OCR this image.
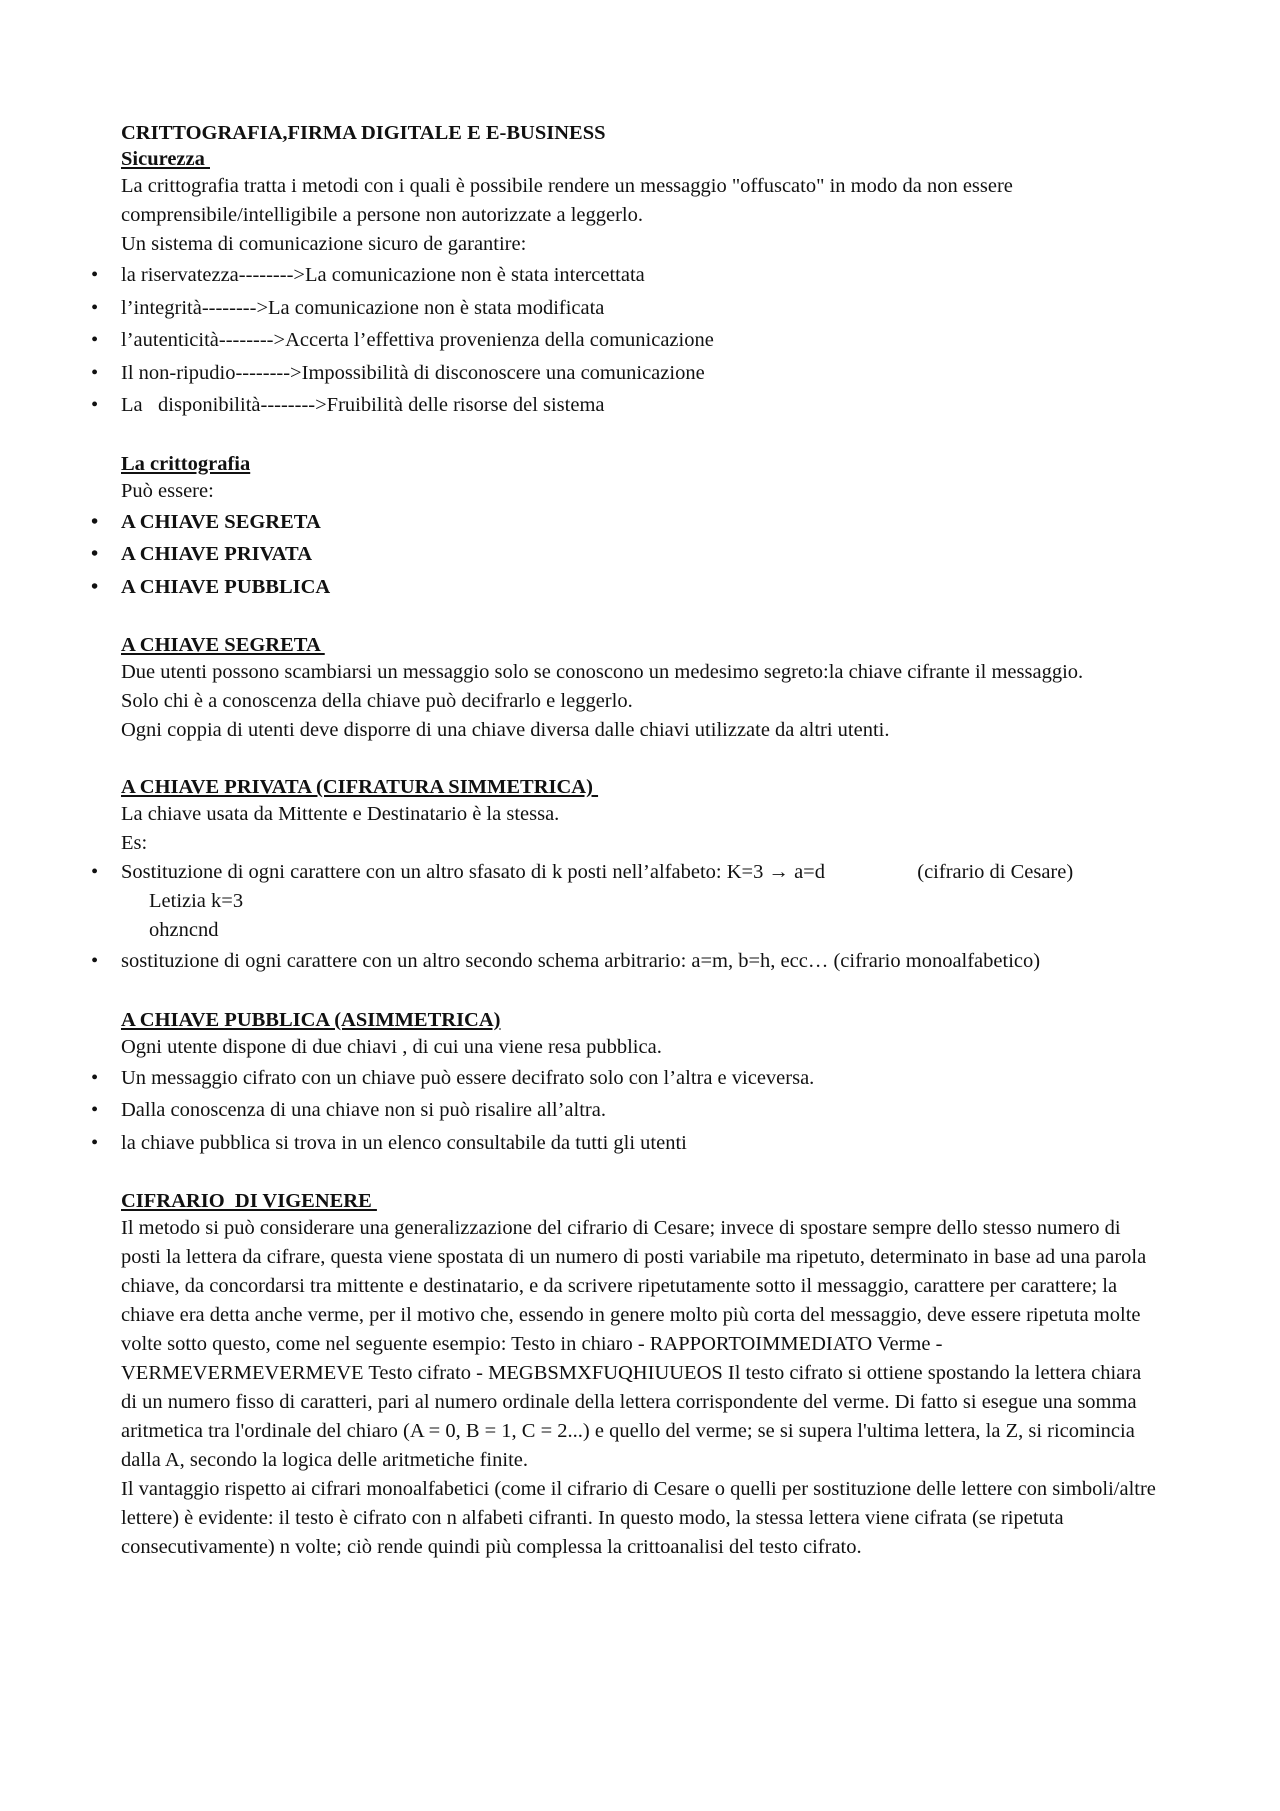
CRITTOGRAFIA,FIRMA DIGITALE E E-BUSINESS
Sicurezza
La crittografia tratta i metodi con i quali è possibile rendere un messaggio "offuscato" in modo da non essere comprensibile/intelligibile a persone non autorizzate a leggerlo.
Un sistema di comunicazione sicuro de garantire:
• la riservatezza-------->La comunicazione non è stata intercettata
• l’integrità-------->La comunicazione non è stata modificata
• l’autenticità-------->Accerta l’effettiva provenienza della comunicazione
• Il non-ripudio-------->Impossibilità di disconoscere una comunicazione
• La   disponibilità-------->Fruibilità delle risorse del sistema
La crittografia
Può essere:
• A CHIAVE SEGRETA
• A CHIAVE PRIVATA
• A CHIAVE PUBBLICA
A CHIAVE SEGRETA
Due utenti possono scambiarsi un messaggio solo se conoscono un medesimo segreto:la chiave cifrante il messaggio.
Solo chi è a conoscenza della chiave può decifrarlo e leggerlo.
Ogni coppia di utenti deve disporre di una chiave diversa dalle chiavi utilizzate da altri utenti.
A CHIAVE PRIVATA (CIFRATURA SIMMETRICA)
La chiave usata da Mittente e Destinatario è la stessa.
Es:
• Sostituzione di ogni carattere con un altro sfasato di k posti nell’alfabeto: K=3 → a=d                  (cifrario di Cesare)
Letizia k=3
ohzncnd
• sostituzione di ogni carattere con un altro secondo schema arbitrario: a=m, b=h, ecc… (cifrario monoalfabetico)
A CHIAVE PUBBLICA (ASIMMETRICA)
Ogni utente dispone di due chiavi , di cui una viene resa pubblica.
• Un messaggio cifrato con un chiave può essere decifrato solo con l’altra e viceversa.
• Dalla conoscenza di una chiave non si può risalire all’altra.
• la chiave pubblica si trova in un elenco consultabile da tutti gli utenti
CIFRARIO  DI VIGENERE
Il metodo si può considerare una generalizzazione del cifrario di Cesare; invece di spostare sempre dello stesso numero di posti la lettera da cifrare, questa viene spostata di un numero di posti variabile ma ripetuto, determinato in base ad una parola chiave, da concordarsi tra mittente e destinatario, e da scrivere ripetutamente sotto il messaggio, carattere per carattere; la chiave era detta anche verme, per il motivo che, essendo in genere molto più corta del messaggio, deve essere ripetuta molte volte sotto questo, come nel seguente esempio: Testo in chiaro - RAPPORTOIMMEDIATO Verme - VERMEVERMEVERMEVE Testo cifrato - MEGBSMXFUQHIUUEOS Il testo cifrato si ottiene spostando la lettera chiara di un numero fisso di caratteri, pari al numero ordinale della lettera corrispondente del verme. Di fatto si esegue una somma aritmetica tra l'ordinale del chiaro (A = 0, B = 1, C = 2...) e quello del verme; se si supera l'ultima lettera, la Z, si ricomincia dalla A, secondo la logica delle aritmetiche finite.
Il vantaggio rispetto ai cifrari monoalfabetici (come il cifrario di Cesare o quelli per sostituzione delle lettere con simboli/altre lettere) è evidente: il testo è cifrato con n alfabeti cifranti. In questo modo, la stessa lettera viene cifrata (se ripetuta consecutivamente) n volte; ciò rende quindi più complessa la crittoanalisi del testo cifrato.
